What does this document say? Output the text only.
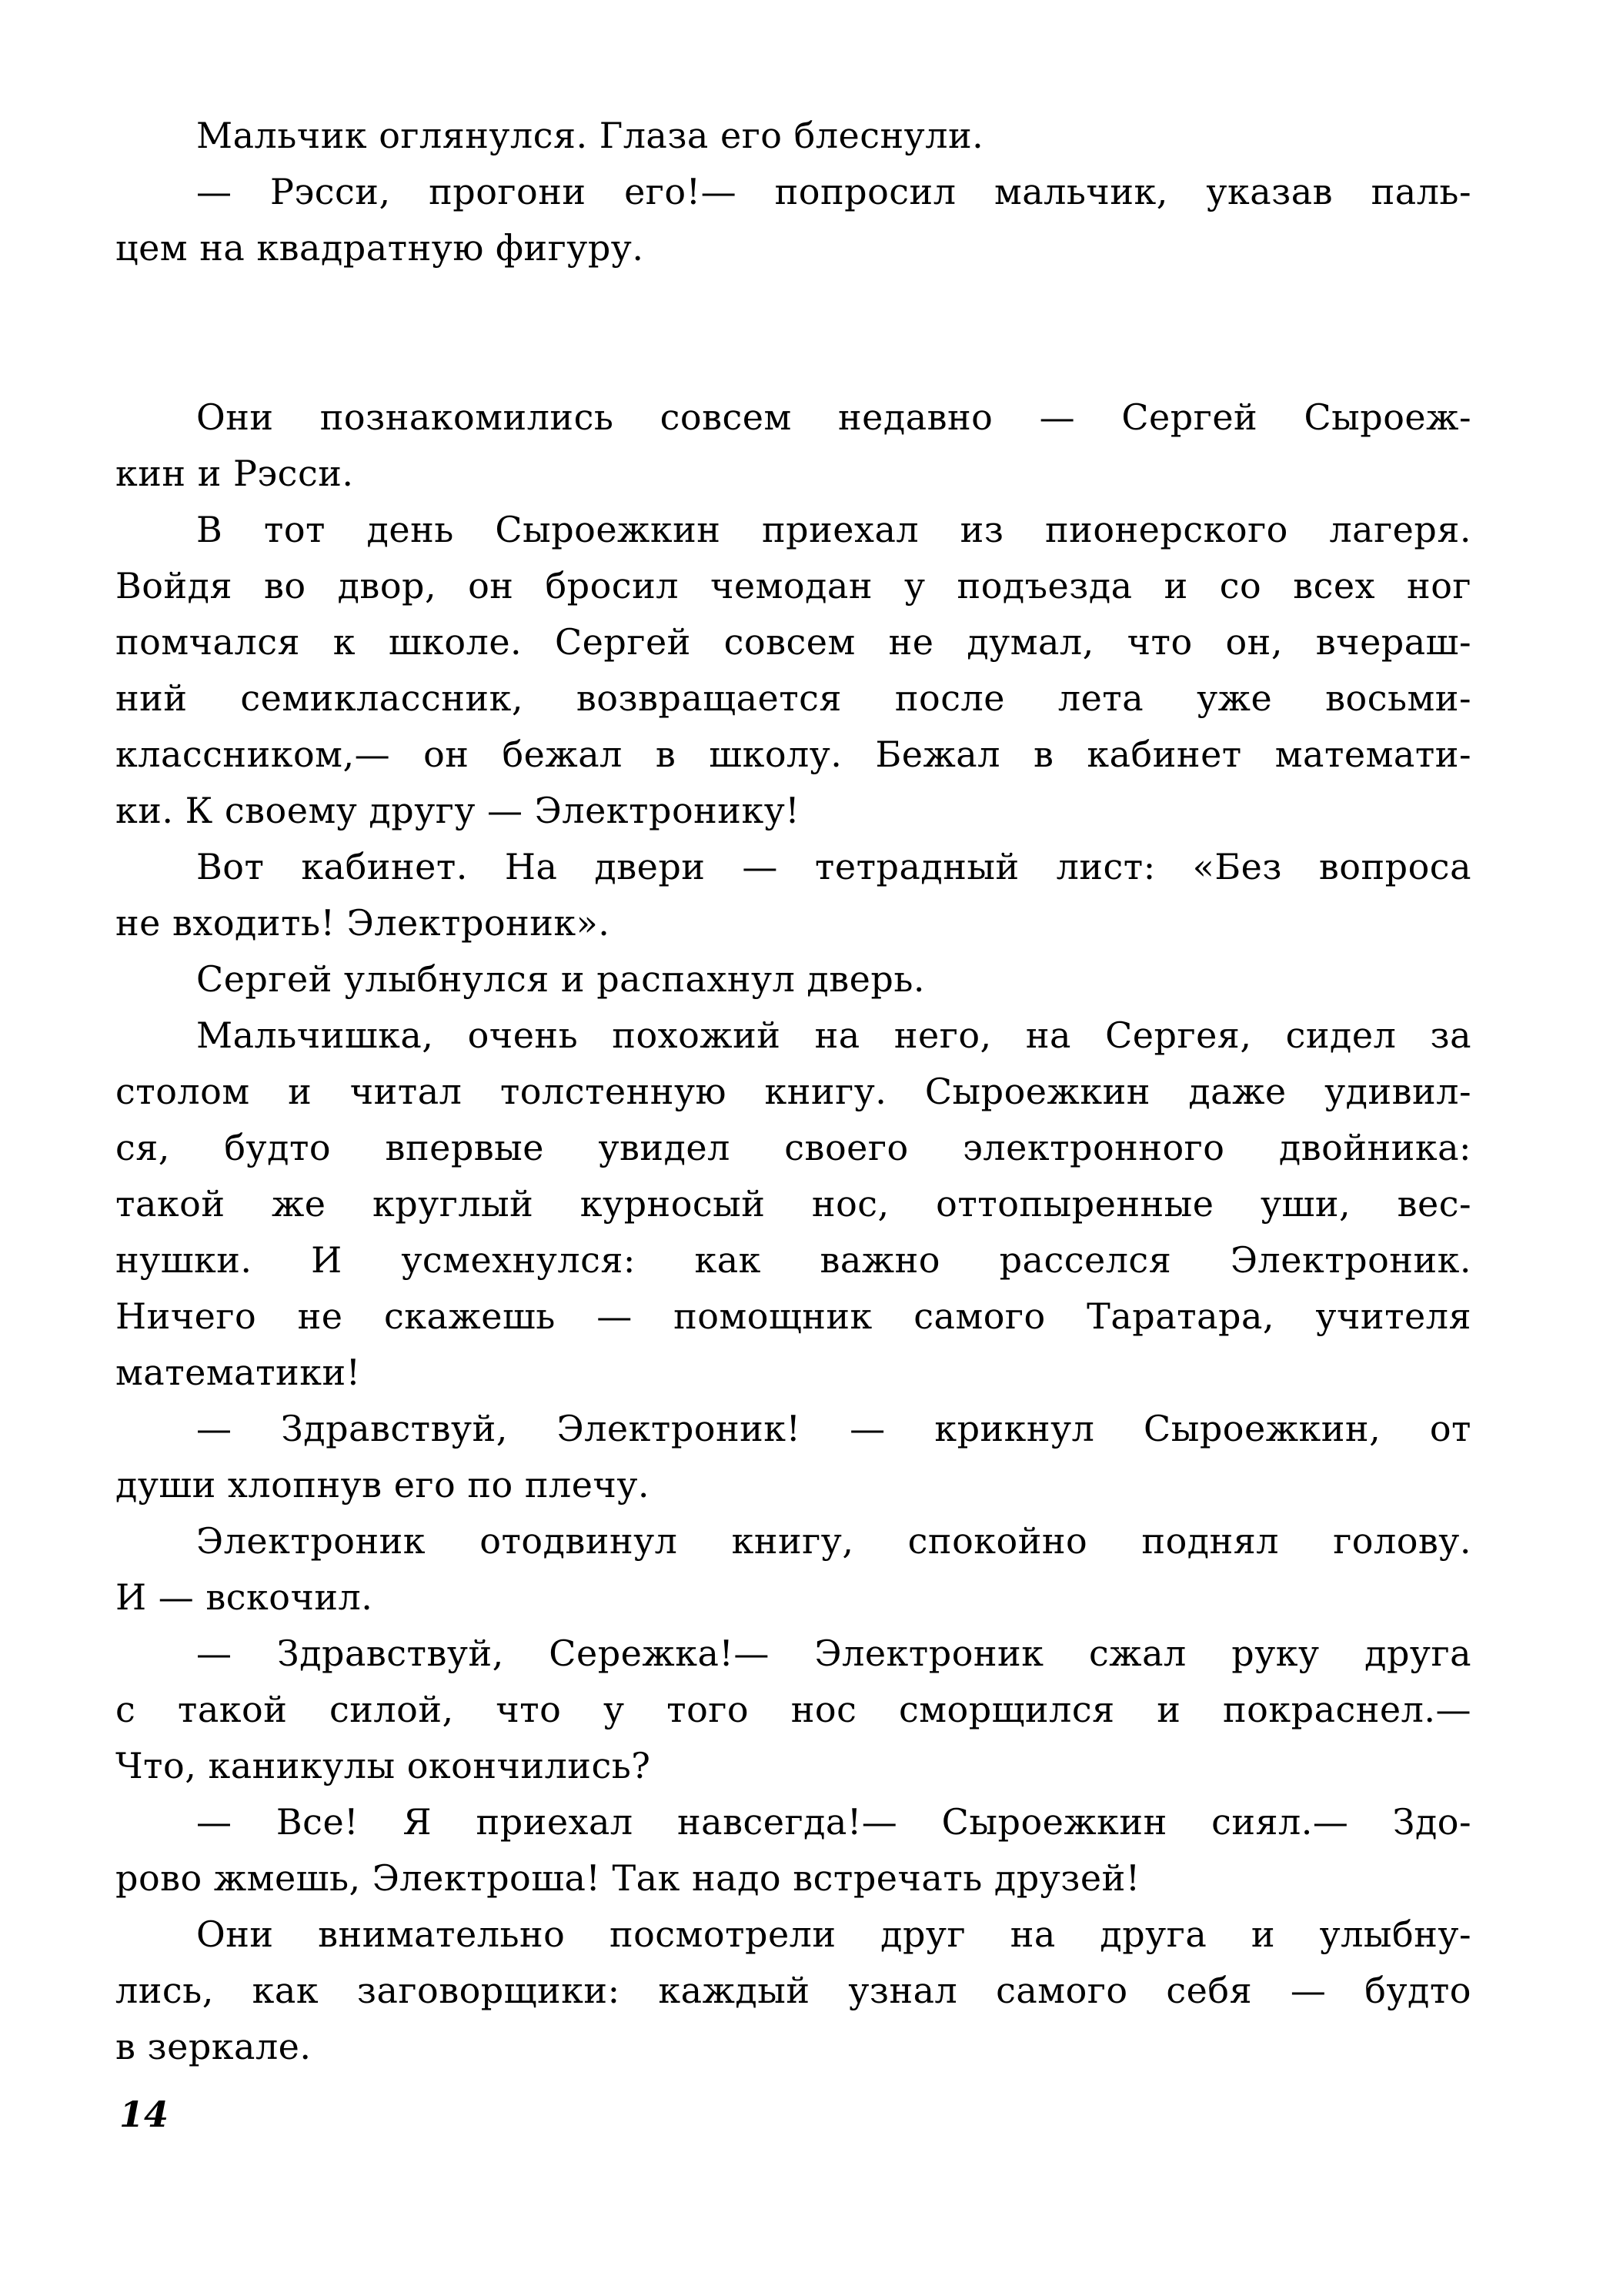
Мальчик оглянулся. Глаза его блеснули.
— Рэсси, прогони его!— попросил мальчик, указав паль-
цем на квадратную фигуру.
Они познакомились совсем недавно — Сергей Сыроеж-
кин и Рэсси.
В тот день Сыроежкин приехал из пионерского лагеря.
Войдя во двор, он бросил чемодан у подъезда и со всех ног
помчался к школе. Сергей совсем не думал, что он, вчераш-
ний семиклассник, возвращается после лета уже восьми-
классником,— он бежал в школу. Бежал в кабинет математи-
ки. К своему другу — Электронику!
Вот кабинет. На двери — тетрадный лист: «Без вопроса
не входить! Электроник».
Сергей улыбнулся и распахнул дверь.
Мальчишка, очень похожий на него, на Сергея, сидел за
столом и читал толстенную книгу. Сыроежкин даже удивил-
ся, будто впервые увидел своего электронного двойника:
такой же круглый курносый нос, оттопыренные уши, вес-
нушки. И усмехнулся: как важно расселся Электроник.
Ничего не скажешь — помощник самого Таратара, учителя
математики!
— Здравствуй, Электроник! — крикнул Сыроежкин, от
души хлопнув его по плечу.
Электроник отодвинул книгу, спокойно поднял голову.
И — вскочил.
— Здравствуй, Сережка!— Электроник сжал руку друга
с такой силой, что у того нос сморщился и покраснел.—
Что, каникулы окончились?
— Все! Я приехал навсегда!— Сыроежкин сиял.— Здо-
рово жмешь, Электроша! Так надо встречать друзей!
Они внимательно посмотрели друг на друга и улыбну-
лись, как заговорщики: каждый узнал самого себя — будто
в зеркале.
14
